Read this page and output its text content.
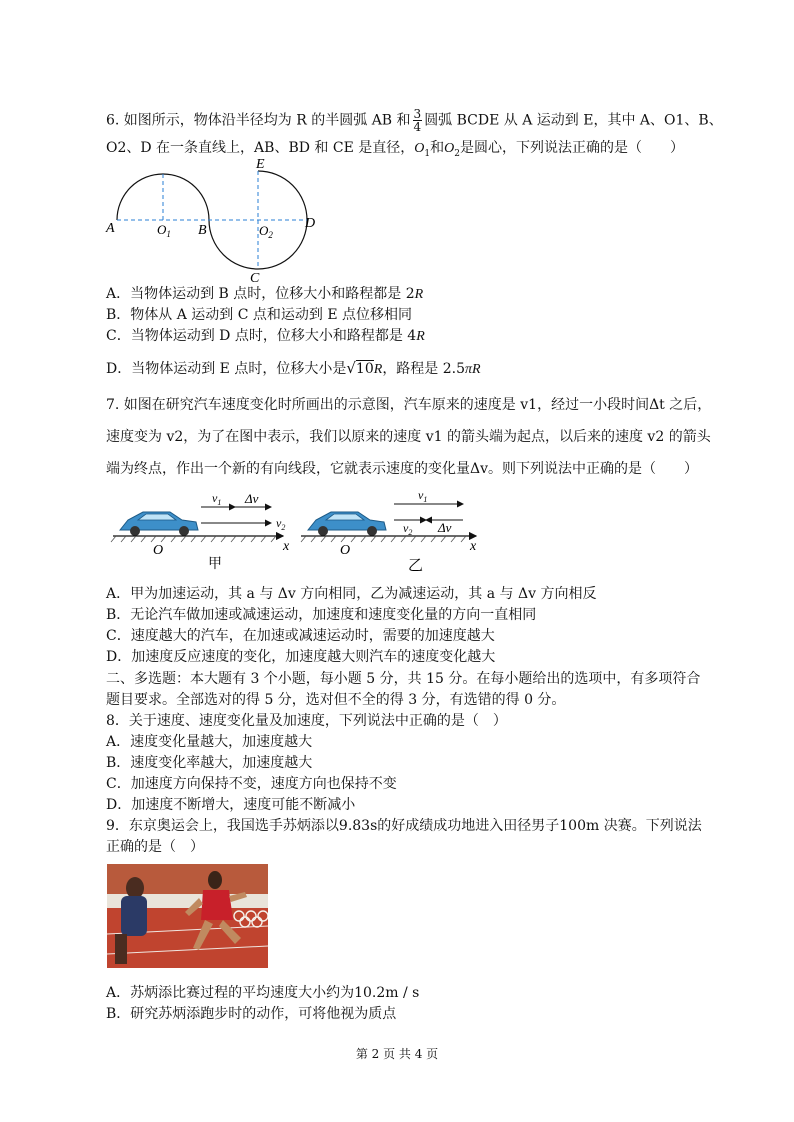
6. 如图所示，物体沿半径均为 R 的半圆弧 AB 和 $\frac{3}{4}$ 圆弧 BCDE 从 A 运动到 E，其中 A、O1、B、
O2、D 在一条直线上，AB、BD 和 CE 是直径，$O_1$和$O_2$是圆心，下列说法正确的是（　　）
A	$O_1$ B	$O_2$
D
E
C
A．当物体运动到 B 点时，位移大小和路程都是 2R
B．物体从 A 运动到 C 点和运动到 E 点位移相同
C．当物体运动到 D 点时，位移大小和路程都是 4R
D．当物体运动到 E 点时，位移大小是√10R，路程是 2.5πR
7. 如图在研究汽车速度变化时所画出的示意图，汽车原来的速度是 v1，经过一小段时间Δt 之后，
速度变为 v2，为了在图中表示，我们以原来的速度 v1 的箭头端为起点，以后来的速度 v2 的箭头
端为终点，作出一个新的有向线段，它就表示速度的变化量Δv。则下列说法中正确的是（　　）
$v_1$ Δv
$v_2$
O	x
甲
$v_1$
$v_2$ Δv
O	x
乙
A．甲为加速运动，其 a 与 Δv 方向相同，乙为减速运动，其 a 与 Δv 方向相反
B．无论汽车做加速或减速运动，加速度和速度变化量的方向一直相同
C．速度越大的汽车，在加速或减速运动时，需要的加速度越大
D．加速度反应速度的变化，加速度越大则汽车的速度变化越大
二、多选题：本大题有 3 个小题，每小题 5 分，共 15 分。在每小题给出的选项中，有多项符合
题目要求。全部选对的得 5 分，选对但不全的得 3 分，有选错的得 0 分。
8．关于速度、速度变化量及加速度，下列说法中正确的是（　）
A．速度变化量越大，加速度越大
B．速度变化率越大，加速度越大
C．加速度方向保持不变，速度方向也保持不变
D．加速度不断增大，速度可能不断减小
9．东京奥运会上，我国选手苏炳添以9.83s的好成绩成功地进入田径男子100m 决赛。下列说法
正确的是（　）
A．苏炳添比赛过程的平均速度大小约为10.2m / s
B．研究苏炳添跑步时的动作，可将他视为质点
第 2 页 共 4 页
